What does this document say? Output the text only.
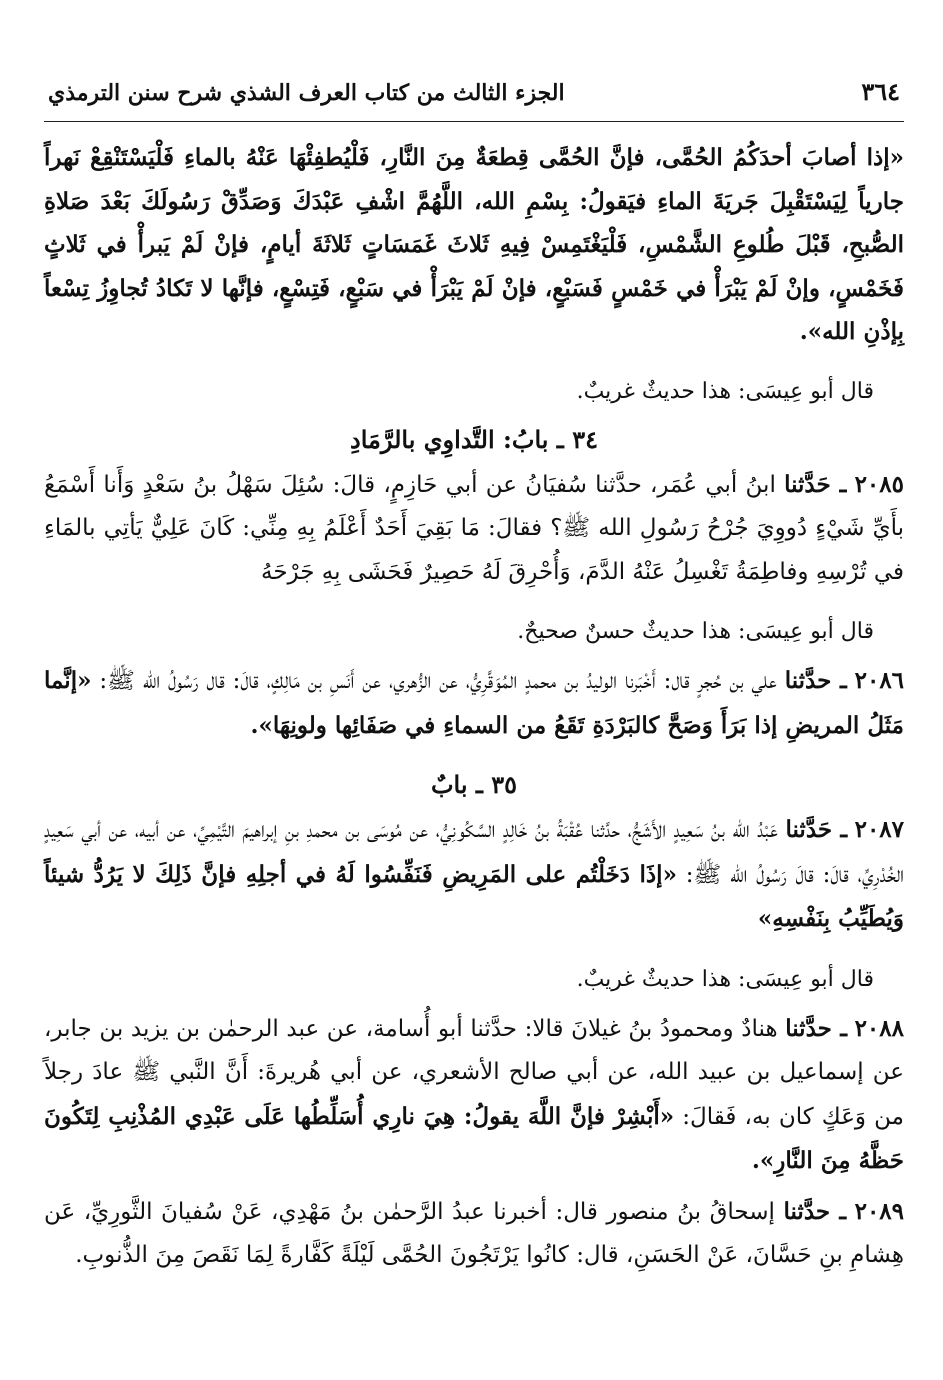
٣٦٤
الجزء الثالث من كتاب العرف الشذي شرح سنن الترمذي

«إذا أصابَ أحدَكُمُ الحُمَّى، فإنَّ الحُمَّى قِطعَةٌ مِنَ النَّارِ، فَلْيُطفِئْهَا عَنْهُ بالماءِ فَلْيَسْتَنْقِعْ نَهراً جارياً لِيَسْتَقْبِلَ جَريَةَ الماءِ فيَقولُ: بِسْمِ الله، اللَّهُمَّ اشْفِ عَبْدَكَ وَصَدِّقْ رَسُولَكَ بَعْدَ صَلاةِ الصُّبحِ، قَبْلَ طُلوعِ الشَّمْسِ، فَلْيَغْتَمِسْ فِيهِ ثَلاثَ غَمَسَاتٍ ثَلاثَةَ أيامٍ، فإنْ لَمْ يَبرأْ في ثَلاثٍ فَخَمْسٍ، وإنْ لَمْ يَبْرَأْ في خَمْسٍ فَسَبْعٍ، فإنْ لَمْ يَبْرَأْ في سَبْعٍ، فَتِسْعٍ، فإنَّها لا تَكادُ تُجاوِزُ تِسْعاً بِإذْنِ الله».

قال أبو عِيسَى: هذا حديثٌ غريبٌ.

٣٤ ـ بابُ: التَّداوِي بالرَّمَادِ

٢٠٨٥ ـ حَدَّثنا ابنُ أبي عُمَر، حدَّثنا سُفيَانُ عن أبي حَازِمٍ، قالَ: سُئِلَ سَهْلُ بنُ سَعْدٍ وَأَنا أَسْمَعُ بأَيِّ شَيْءٍ دُووِيَ جُرْحُ رَسُولِ الله ﷺ؟ فقالَ: مَا بَقِيَ أَحَدٌ أَعْلَمُ بِهِ مِنِّي: كَانَ عَلِيٌّ يَأتِي بالمَاءِ في تُرْسِهِ وفاطِمَةُ تَغْسِلُ عَنْهُ الدَّمَ، وَأُحْرِقَ لَهُ حَصِيرٌ فَحَشَى بِهِ جَرْحَهُ

قال أبو عِيسَى: هذا حديثٌ حسنٌ صحيحٌ.

٢٠٨٦ ـ حدَّثنا علي بن حُجرٍ قال: أَخْبَرنا الوليدُ بن محمدٍ المُوَقَّرِيُّ، عن الزُّهري، عن أَنَسِ بن مَالِكٍ، قالَ: قال رَسُولُ الله ﷺ: «إنَّما مَثَلُ المريضِ إذا بَرَأَ وَصَحَّ كالبَرْدَةِ تَقَعُ من السماءِ في صَفَائِها ولونِهَا».

٣٥ ـ بابٌ

٢٠٨٧ ـ حَدَّثنا عَبْدُ الله بنُ سَعِيدٍ الأَشَجُّ، حدَّثنا عُقْبَةُ بنُ خَالِدٍ السَّكُونِيُّ، عن مُوسَى بن محمدِ بنِ إبراهيمَ التَّيْمِيِّ، عن أبيه، عن أبي سَعِيدٍ الخُدْرِيِّ، قالَ: قالَ رَسُولُ الله ﷺ: «إذَا دَخَلْتُم على المَرِيضِ فَنَفِّسُوا لَهُ في أجلِهِ فإنَّ ذَلِكَ لا يَرُدُّ شيئاً وَيُطَيِّبُ بِنَفْسِهِ»

قال أبو عِيسَى: هذا حديثٌ غريبٌ.

٢٠٨٨ ـ حدَّثنا هنادٌ ومحمودُ بنُ غيلانَ قالا: حدَّثنا أبو أُسامة، عن عبد الرحمٰن بن يزيد بن جابر، عن إسماعيل بن عبيد الله، عن أبي صالح الأشعري، عن أبي هُريرةَ: أَنَّ النَّبي ﷺ عادَ رجلاً من وَعَكٍ كان به، فَقالَ: «أَبْشِرْ فإنَّ اللَّهَ يقولُ: هِيَ نارِي أُسَلِّطُها عَلَى عَبْدِي المُذْنِبِ لِتَكُونَ حَظَّهُ مِنَ النَّارِ».

٢٠٨٩ ـ حدَّثنا إسحاقُ بنُ منصور قال: أخبرنا عبدُ الرَّحمٰن بنُ مَهْدِي، عَنْ سُفيانَ الثَّورِيِّ، عَن هِشامِ بنِ حَسَّانَ، عَنْ الحَسَنِ، قال: كانُوا يَرْتَجُونَ الحُمَّى لَيْلَةً كَفَّارةً لِمَا نَقَصَ مِنَ الذُّنوبِ.
